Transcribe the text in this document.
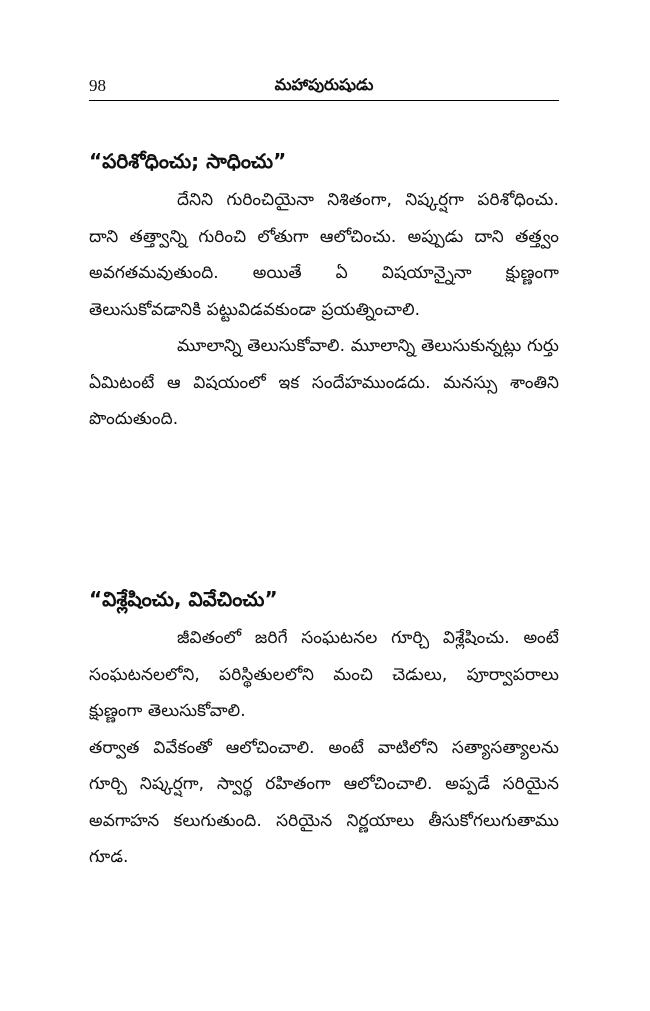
98	మహాపురుషుడు
“పరిశోధించు; సాధించు”

దేనిని గురించియైనా నిశితంగా, నిష్కర్షగా పరిశోధించు. దాని తత్త్వాన్ని గురించి లోతుగా ఆలోచించు. అప్పుడు దాని తత్త్వం అవగతమవుతుంది. అయితే ఏ విషయాన్నైనా క్షుణ్ణంగా తెలుసుకోవడానికి పట్టువిడవకుండా ప్రయత్నించాలి.

మూలాన్ని తెలుసుకోవాలి. మూలాన్ని తెలుసుకున్నట్లు గుర్తు ఏమిటంటే ఆ విషయంలో ఇక సందేహముండదు. మనస్సు శాంతిని పొందుతుంది.

“విశ్లేషించు, వివేచించు”

జీవితంలో జరిగే సంఘటనల గూర్చి విశ్లేషించు. అంటే సంఘటనలలోని, పరిస్థితులలోని మంచి చెడులు, పూర్వాపరాలు క్షుణ్ణంగా తెలుసుకోవాలి.

తర్వాత వివేకంతో ఆలోచించాలి. అంటే వాటిలోని సత్యాసత్యాలను గూర్చి నిష్కర్షగా, స్వార్థ రహితంగా ఆలోచించాలి. అప్పడే సరియైన అవగాహన కలుగుతుంది. సరియైన నిర్ణయాలు తీసుకోగలుగుతాము గూడ.
